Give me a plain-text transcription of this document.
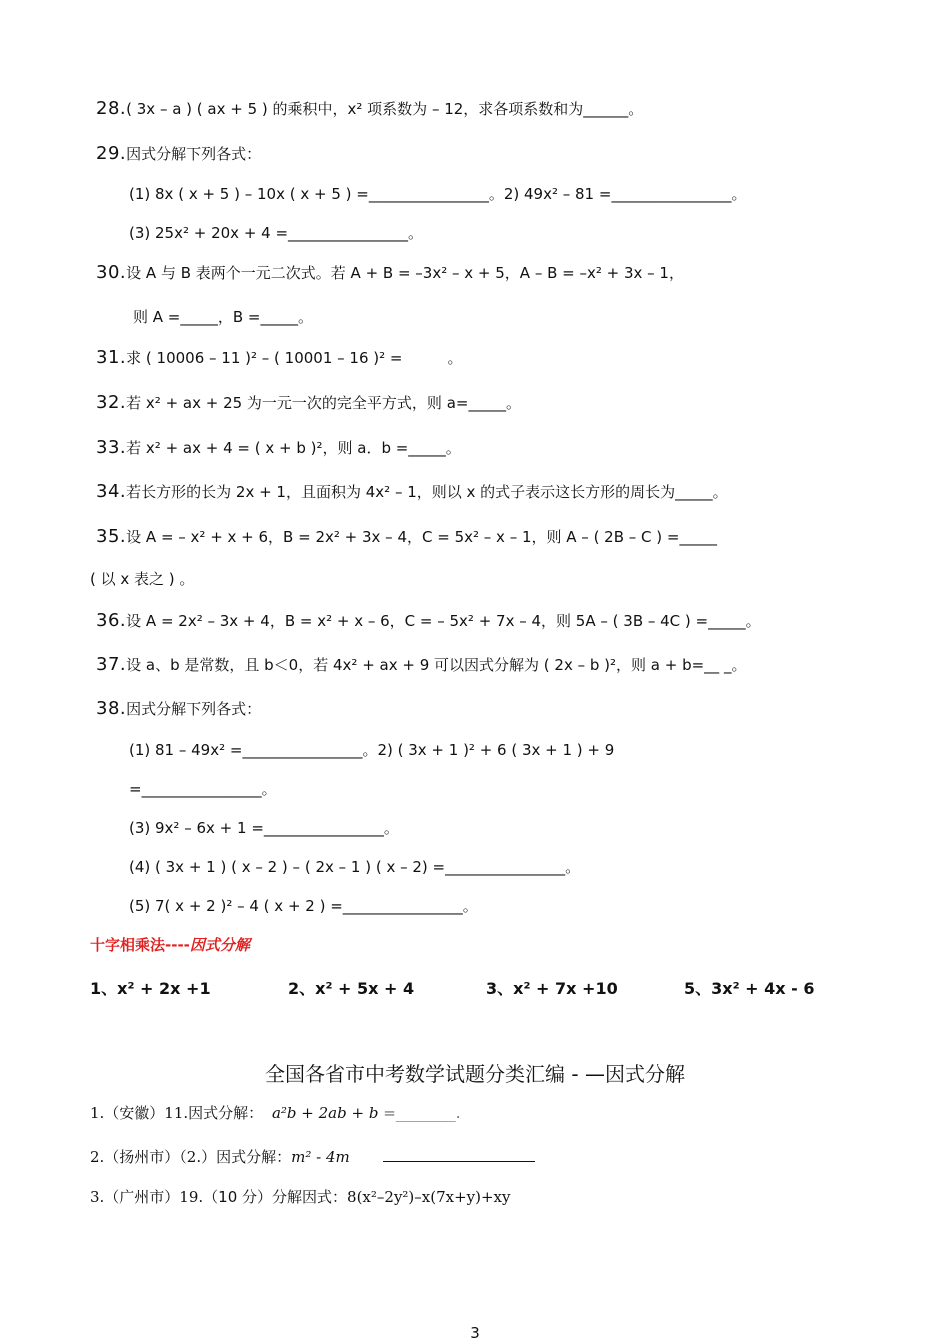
28.( 3x – a ) ( ax + 5 ) 的乘积中，x² 项系数为 – 12，求各项系数和为______。
29.因式分解下列各式：
(1) 8x ( x + 5 ) – 10x ( x + 5 ) =________________。2) 49x² – 81 =________________。
(3) 25x² + 20x + 4 =________________。
30.设 A 与 B 表两个一元二次式。若 A + B = –3x² – x + 5，A – B = –x² + 3x – 1，
则 A =_____，B =_____。
31.求 ( 10006 – 11 )² – ( 10001 – 16 )² =　　　。
32.若 x² + ax + 25 为一元一次的完全平方式，则 a=_____。
33.若 x² + ax + 4 = ( x + b )²，则 a．b =_____。
34.若长方形的长为 2x + 1，且面积为 4x² – 1，则以 x 的式子表示这长方形的周长为_____。
35.设 A = – x² + x + 6，B = 2x² + 3x – 4，C = 5x² – x – 1，则 A – ( 2B – C ) =_____
( 以 x 表之 ) 。
36.设 A = 2x² – 3x + 4，B = x² + x – 6，C = – 5x² + 7x – 4，则 5A – ( 3B – 4C ) =_____。
37.设 a、b 是常数，且 b＜0，若 4x² + ax + 9 可以因式分解为 ( 2x – b )²，则 a + b=__ _。
38.因式分解下列各式：
(1) 81 – 49x² =________________。2) ( 3x + 1 )² + 6 ( 3x + 1 ) + 9
=________________。
(3) 9x² – 6x + 1 =________________。
(4) ( 3x + 1 ) ( x – 2 ) – ( 2x – 1 ) ( x – 2) =________________。
(5) 7( x + 2 )² – 4 ( x + 2 ) =________________。
十字相乘法----因式分解
1、x² + 2x +1	2、x² + 5x + 4	3、x² + 7x +10	5、3x² + 4x - 6
全国各省市中考数学试题分类汇编 - —因式分解
1.（安徽）11.因式分解： a²b + 2ab + b =________.
2.（扬州市）（2.）因式分解：m² - 4m
3.（广州市）19.（10 分）分解因式：8(x²–2y²)–x(7x+y)+xy
3
